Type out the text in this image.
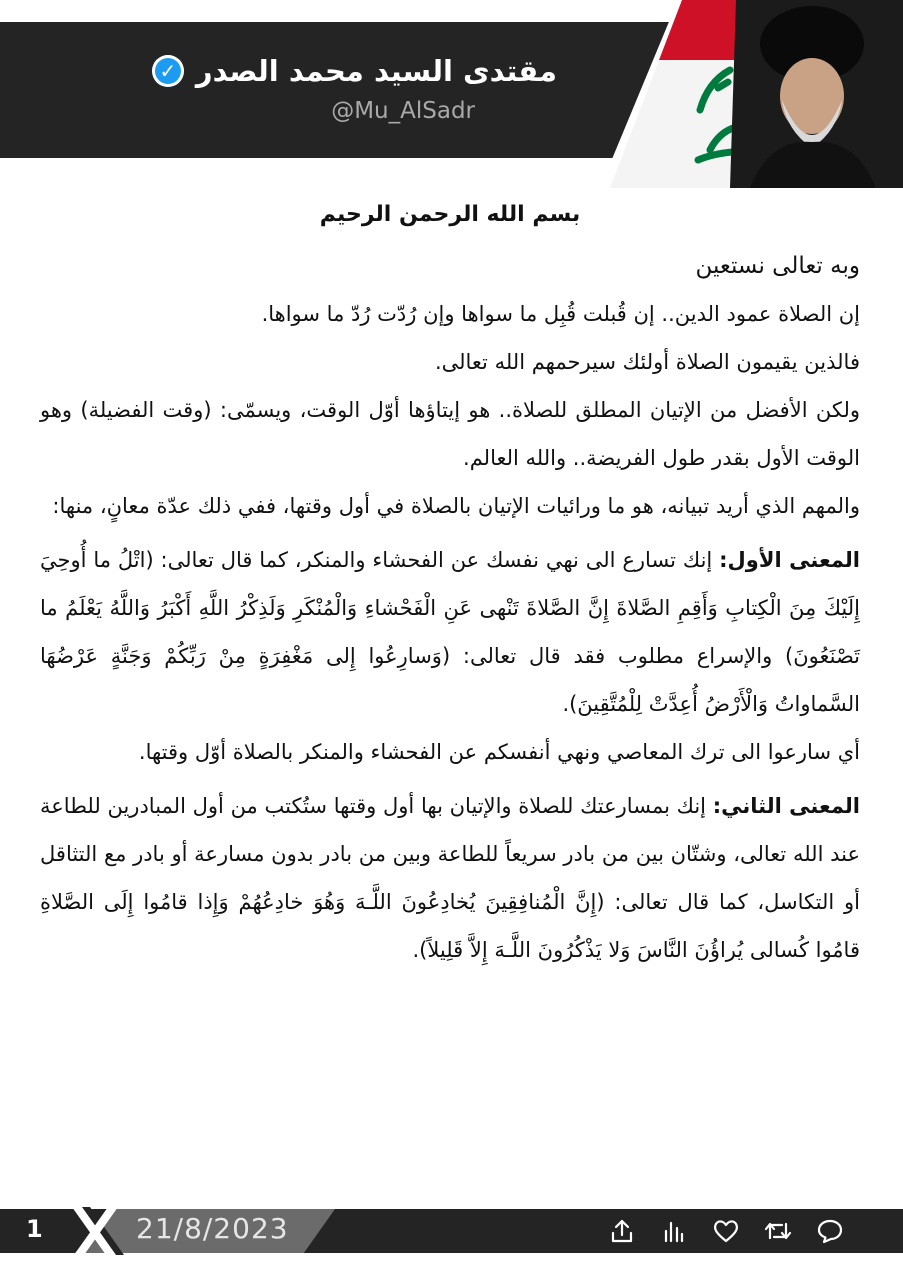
مقتدى السيد محمد الصدر
✓
@Mu_AlSadr
بسم الله الرحمن الرحيم

وبه تعالى نستعين

إن الصلاة عمود الدين.. إن قُبلت قُبِل ما سواها وإن رُدّت رُدّ ما سواها.

فالذين يقيمون الصلاة أولئك سيرحمهم الله تعالى.

ولكن الأفضل من الإتيان المطلق للصلاة.. هو إيتاؤها أوّل الوقت، ويسمّى: (وقت الفضيلة) وهو الوقت الأول بقدر طول الفريضة.. والله العالم.

والمهم الذي أريد تبيانه، هو ما ورائيات الإتيان بالصلاة في أول وقتها، ففي ذلك عدّة معانٍ، منها:

المعنى الأول: إنك تسارع الى نهي نفسك عن الفحشاء والمنكر، كما قال تعالى: (اتْلُ ما أُوحِيَ إِلَيْكَ مِنَ الْكِتابِ وَأَقِمِ الصَّلاةَ إِنَّ الصَّلاةَ تَنْهى عَنِ الْفَحْشاءِ وَالْمُنْكَرِ وَلَذِكْرُ اللَّهِ أَكْبَرُ وَاللَّهُ يَعْلَمُ ما تَصْنَعُونَ) والإسراع مطلوب فقد قال تعالى: (وَسارِعُوا إِلى مَغْفِرَةٍ مِنْ رَبِّكُمْ وَجَنَّةٍ عَرْضُهَا السَّماواتُ وَالْأَرْضُ أُعِدَّتْ لِلْمُتَّقِينَ).

أي سارعوا الى ترك المعاصي ونهي أنفسكم عن الفحشاء والمنكر بالصلاة أوّل وقتها.

المعنى الثاني: إنك بمسارعتك للصلاة والإتيان بها أول وقتها ستُكتب من أول المبادرين للطاعة عند الله تعالى، وشتّان بين من بادر سريعاً للطاعة وبين من بادر بدون مسارعة أو بادر مع التثاقل أو التكاسل، كما قال تعالى: (إِنَّ الْمُنافِقِينَ يُخادِعُونَ اللَّـهَ وَهُوَ خادِعُهُمْ وَإِذا قامُوا إِلَى الصَّلاةِ قامُوا كُسالى يُراؤُنَ النَّاسَ وَلا يَذْكُرُونَ اللَّـهَ إِلاَّ قَلِيلاً).

1	21/8/2023
